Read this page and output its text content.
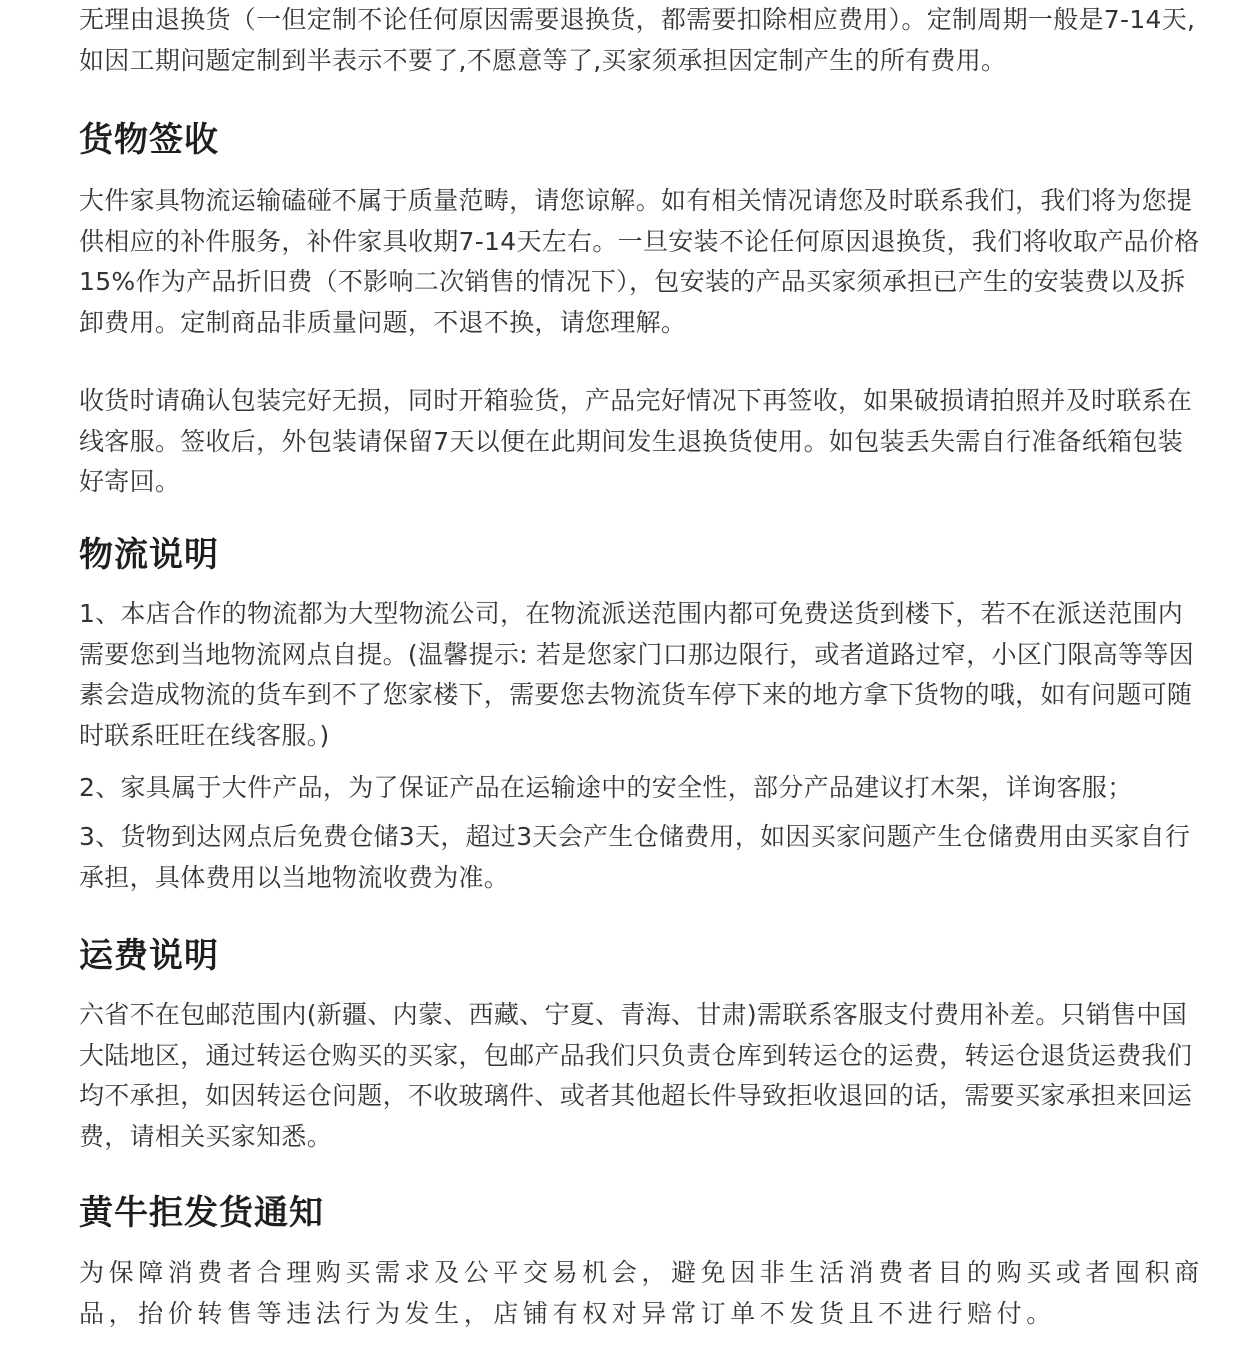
无理由退换货（一但定制不论任何原因需要退换货，都需要扣除相应费用）。定制周期一般是7-14天,如因工期问题定制到半表示不要了,不愿意等了,买家须承担因定制产生的所有费用。

货物签收

大件家具物流运输磕碰不属于质量范畴，请您谅解。如有相关情况请您及时联系我们，我们将为您提供相应的补件服务，补件家具收期7-14天左右。一旦安装不论任何原因退换货，我们将收取产品价格15%作为产品折旧费（不影响二次销售的情况下），包安装的产品买家须承担已产生的安装费以及拆卸费用。定制商品非质量问题，不退不换，请您理解。

收货时请确认包装完好无损，同时开箱验货，产品完好情况下再签收，如果破损请拍照并及时联系在线客服。签收后，外包装请保留7天以便在此期间发生退换货使用。如包装丢失需自行准备纸箱包装好寄回。

物流说明

1、本店合作的物流都为大型物流公司，在物流派送范围内都可免费送货到楼下，若不在派送范围内需要您到当地物流网点自提。(温馨提示: 若是您家门口那边限行，或者道路过窄，小区门限高等等因素会造成物流的货车到不了您家楼下，需要您去物流货车停下来的地方拿下货物的哦，如有问题可随时联系旺旺在线客服。)

2、家具属于大件产品，为了保证产品在运输途中的安全性，部分产品建议打木架，详询客服；

3、货物到达网点后免费仓储3天，超过3天会产生仓储费用，如因买家问题产生仓储费用由买家自行承担，具体费用以当地物流收费为准。

运费说明

六省不在包邮范围内(新疆、内蒙、西藏、宁夏、青海、甘肃)需联系客服支付费用补差。只销售中国大陆地区，通过转运仓购买的买家，包邮产品我们只负责仓库到转运仓的运费，转运仓退货运费我们均不承担，如因转运仓问题，不收玻璃件、或者其他超长件导致拒收退回的话，需要买家承担来回运费，请相关买家知悉。

黄牛拒发货通知

为保障消费者合理购买需求及公平交易机会，避免因非生活消费者目的购买或者囤积商品，抬价转售等违法行为发生，店铺有权对异常订单不发货且不进行赔付。
